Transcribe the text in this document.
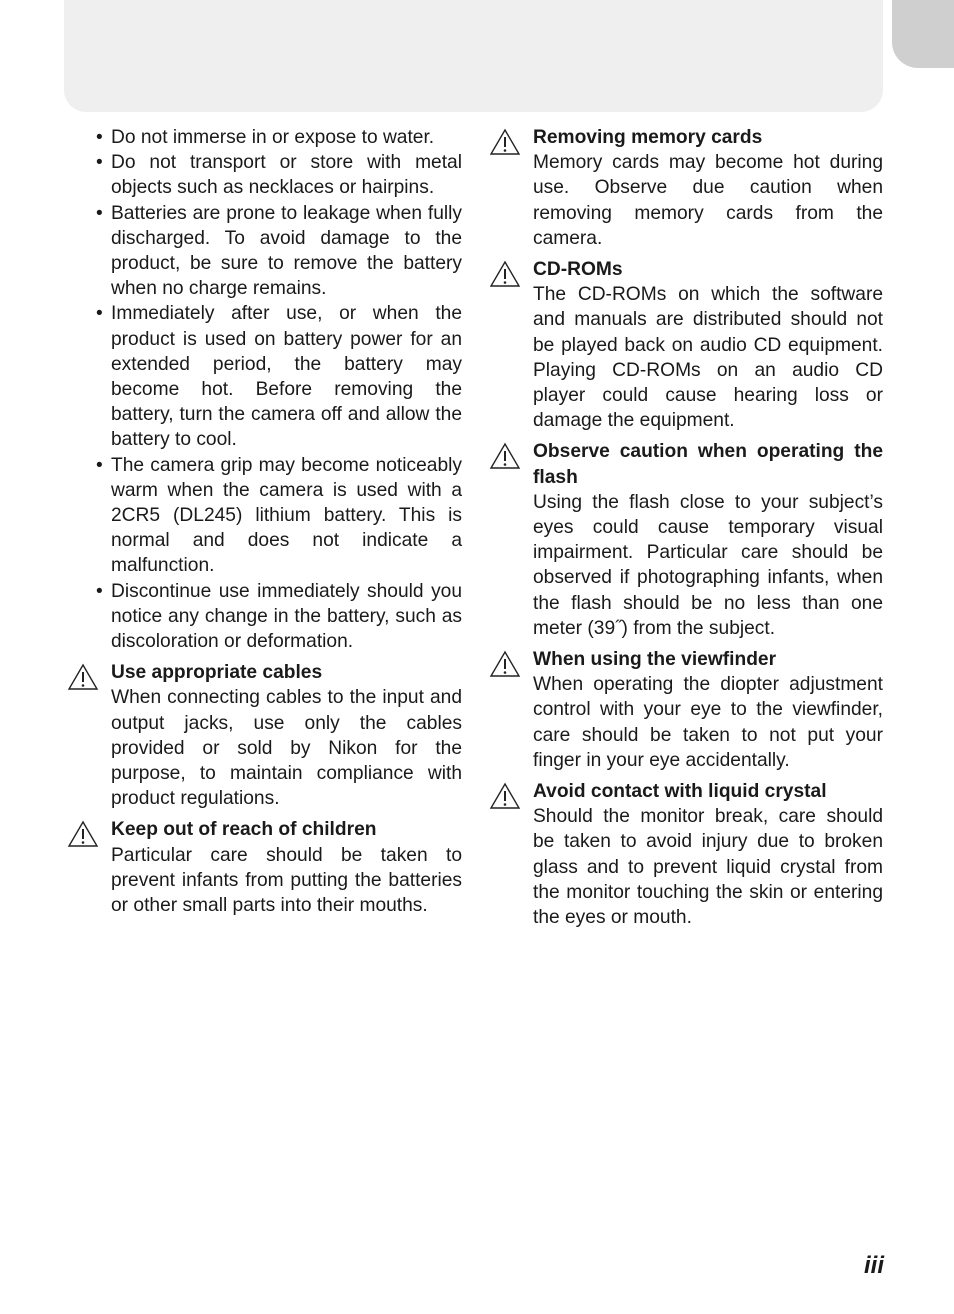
• Do not immerse in or expose to water.
• Do not transport or store with metal objects such as necklaces or hairpins.
• Batteries are prone to leakage when fully discharged. To avoid damage to the product, be sure to remove the battery when no charge remains.
• Immediately after use, or when the product is used on battery power for an extended period, the battery may become hot. Before removing the battery, turn the camera off and allow the battery to cool.
• The camera grip may become noticeably warm when the camera is used with a 2CR5 (DL245) lithium battery. This is normal and does not indicate a malfunction.
• Discontinue use immediately should you notice any change in the battery, such as discoloration or deformation.
Use appropriate cables
When connecting cables to the input and output jacks, use only the cables provided or sold by Nikon for the purpose, to maintain compliance with product regulations.
Keep out of reach of children
Particular care should be taken to prevent infants from putting the batteries or other small parts into their mouths.
Removing memory cards
Memory cards may become hot during use. Observe due caution when removing memory cards from the camera.
CD-ROMs
The CD-ROMs on which the software and manuals are distributed should not be played back on audio CD equipment. Playing CD-ROMs on an audio CD player could cause hearing loss or damage the equipment.
Observe caution when operating the flash
Using the flash close to your subject’s eyes could cause temporary visual impairment. Particular care should be observed if photographing infants, when the flash should be no less than one meter (39˝) from the subject.
When using the viewfinder
When operating the diopter adjustment control with your eye to the viewfinder, care should be taken to not put your finger in your eye accidentally.
Avoid contact with liquid crystal
Should the monitor break, care should be taken to avoid injury due to broken glass and to prevent liquid crystal from the monitor touching the skin or entering the eyes or mouth.
iii
